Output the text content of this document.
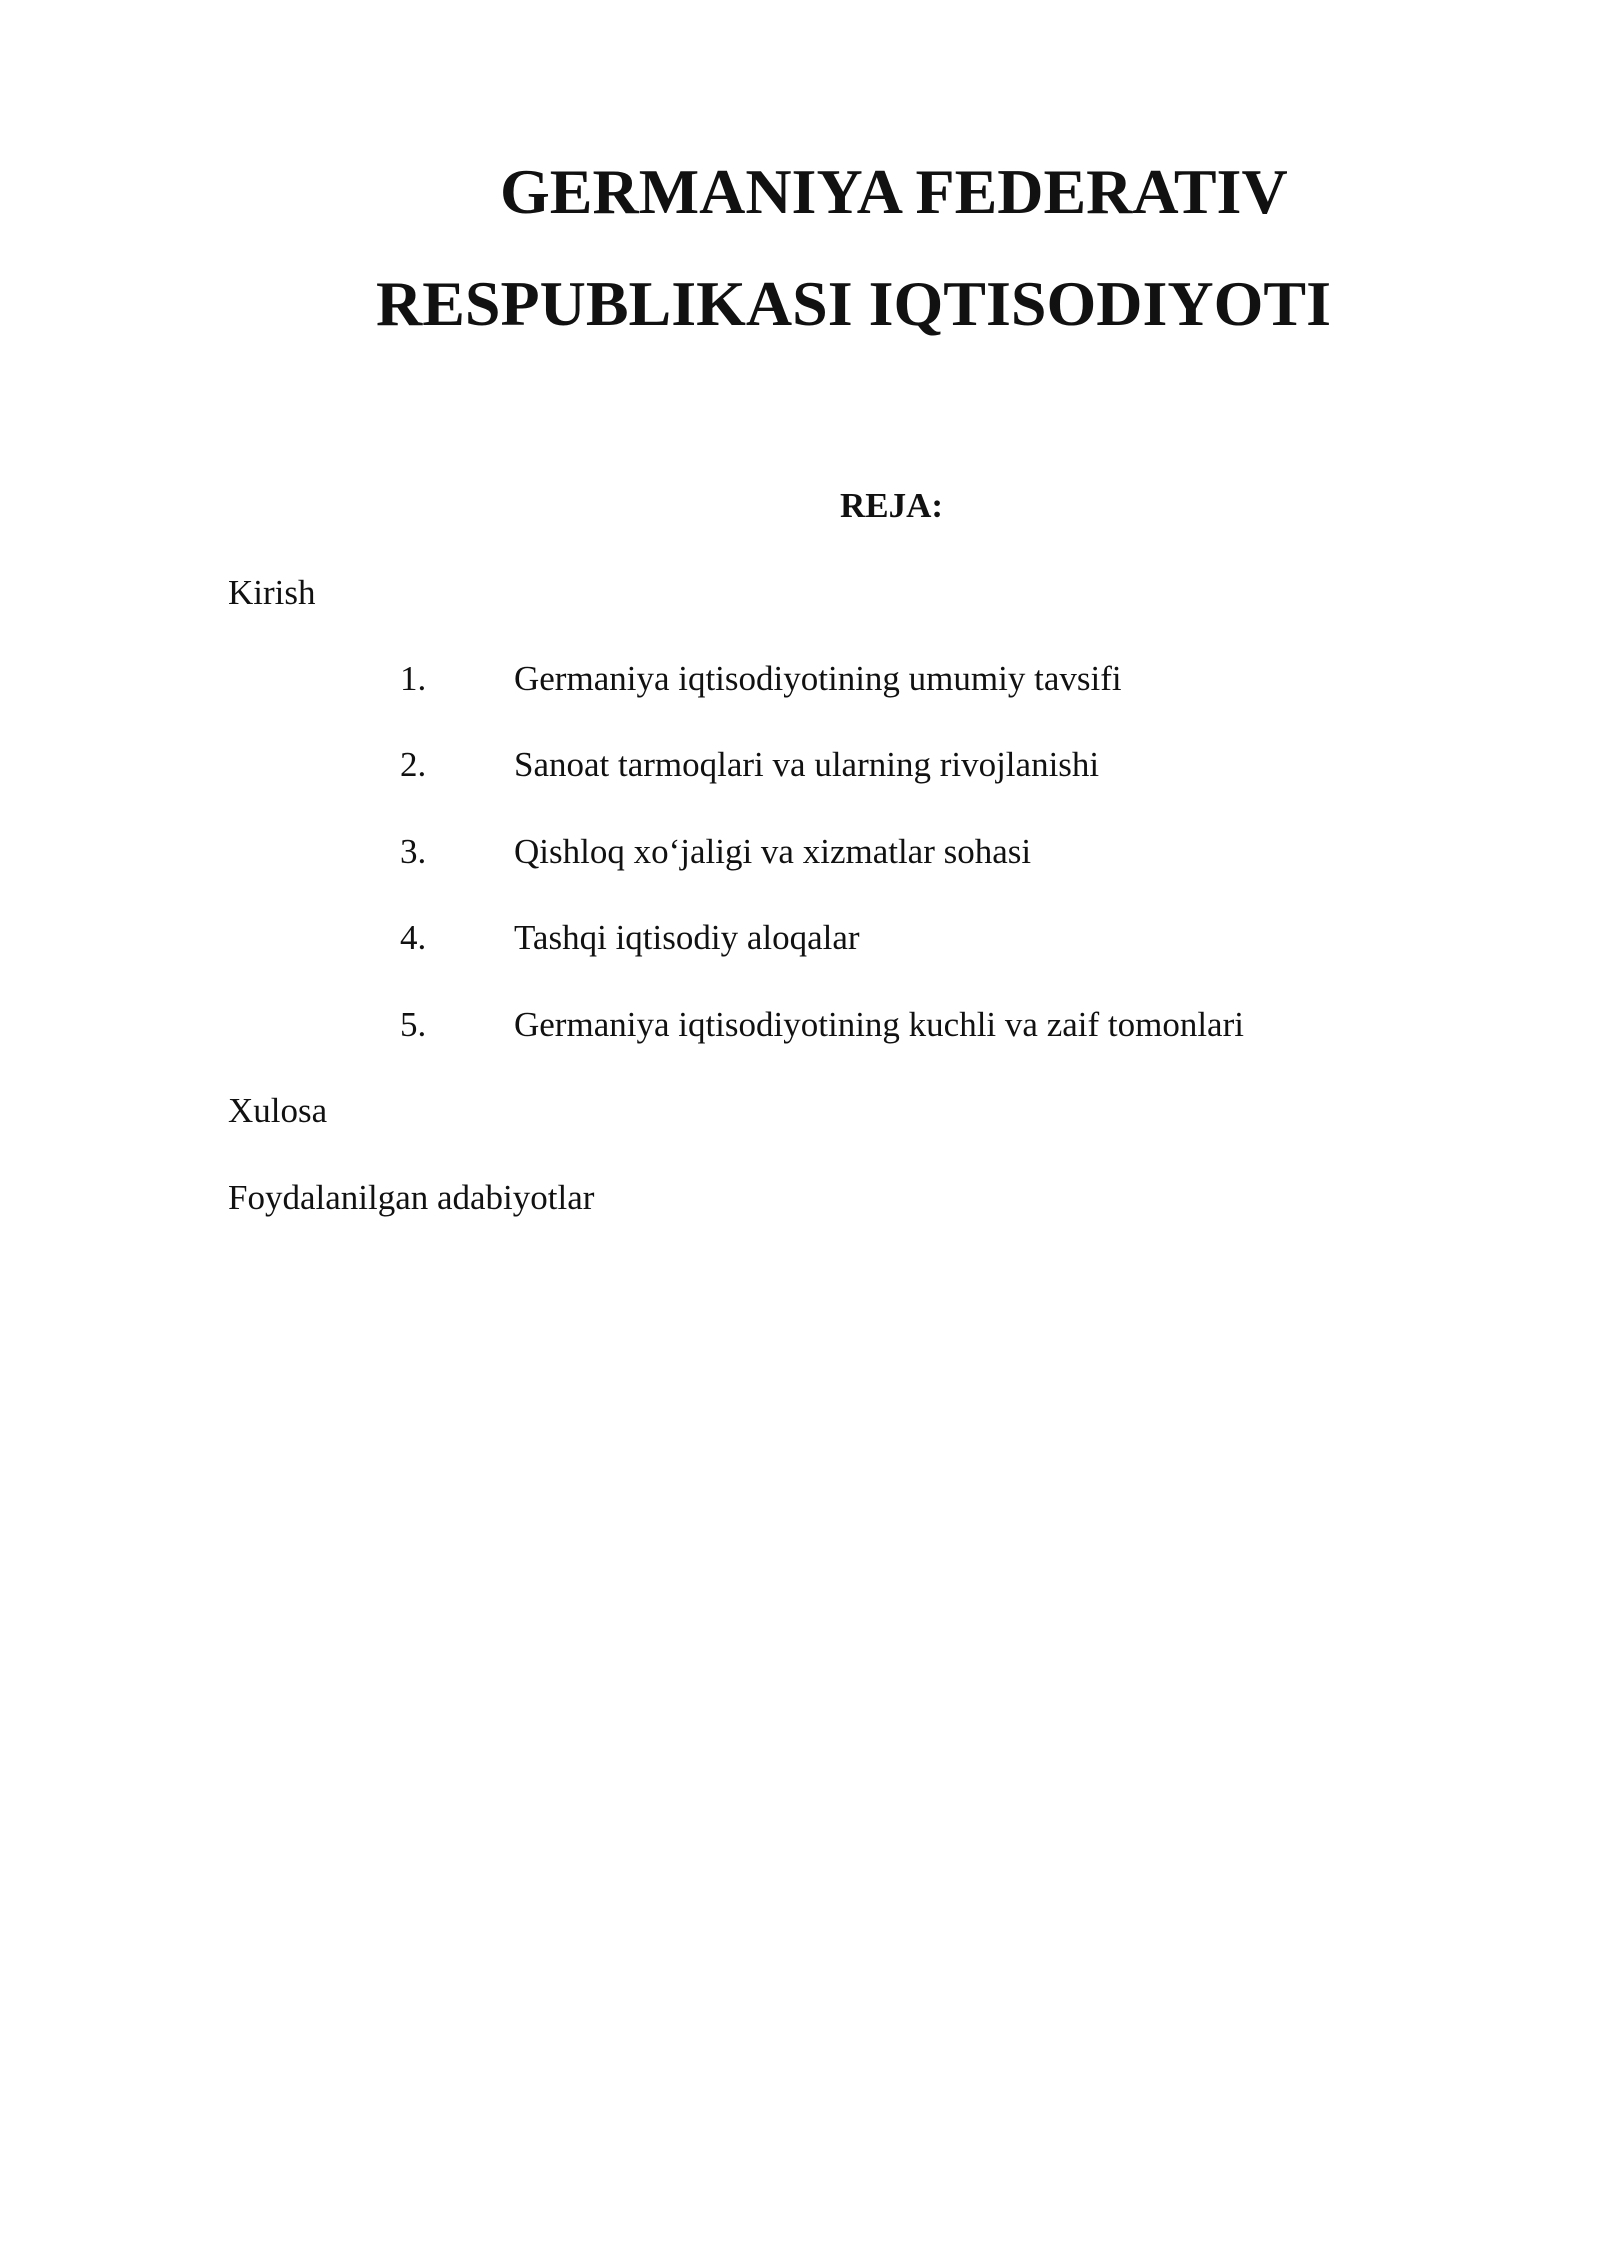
GERMANIYA FEDERATIV
RESPUBLIKASI IQTISODIYOTI
REJA:
Kirish
1.	Germaniya iqtisodiyotining umumiy tavsifi
2.	Sanoat tarmoqlari va ularning rivojlanishi
3.	Qishloq xo‘jaligi va xizmatlar sohasi
4.	Tashqi iqtisodiy aloqalar
5.	Germaniya iqtisodiyotining kuchli va zaif tomonlari
Xulosa
Foydalanilgan adabiyotlar
